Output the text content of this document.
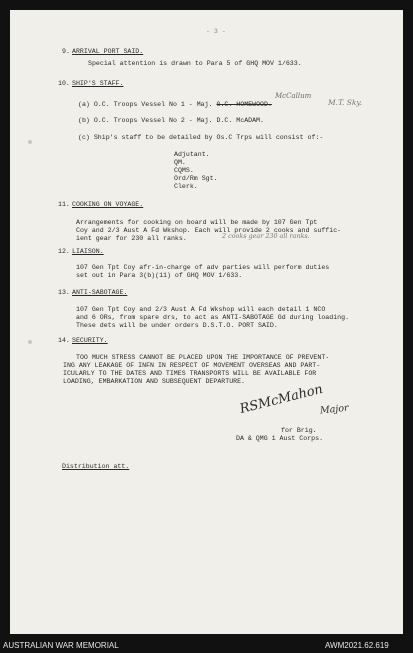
- 3 -
9. ARRIVAL PORT SAID.
Special attention is drawn to Para 5 of GHQ MOV 1/633.
10. SHIP'S STAFF.
McCallum
(a) O.C. Troops Vessel No 1 - Maj. G.C. HOMEWOOD.	M.T. Sky.
(b) O.C. Troops Vessel No 2 - Maj. D.C. McADAM.
(c) Ship's staff to be detailed by Os.C Trps will consist of:-
Adjutant.
QM.
CQMS.
Ord/Rm Sgt.
Clerk.
11. COOKING ON VOYAGE.
Arrangements for cooking on board will be made by 107 Gen Tpt
Coy and 2/3 Aust A Fd Wkshop. Each will provide 2 cooks and suffic-
ient gear for 230 all ranks.	2 cooks gear 230 all ranks.
12. LIAISON.
107 Gen Tpt Coy afr-in-charge of adv parties will perform duties
set out in Para 3(b)(11) of GHQ MOV 1/633.
13. ANTI-SABOTAGE.
107 Gen Tpt Coy and 2/3 Aust A Fd Wkshop will each detail 1 NCO
and 6 ORs, from spare drs, to act as ANTI-SABOTAGE Gd during loading.
These dets will be under orders D.S.T.O. PORT SAID.
14. SECURITY.
TOO MUCH STRESS CANNOT BE PLACED UPON THE IMPORTANCE OF PREVENT-
ING ANY LEAKAGE OF INFN IN RESPECT OF MOVEMENT OVERSEAS AND PART-
ICULARLY TO THE DATES AND TIMES TRANSPORTS WILL BE AVAILABLE FOR
LOADING, EMBARKATION AND SUBSEQUENT DEPARTURE.
RSMcMahon
Major
for Brig.
DA & QMG 1 Aust Corps.
Distribution att.
AUSTRALIAN WAR MEMORIAL	AWM2021.62.619
